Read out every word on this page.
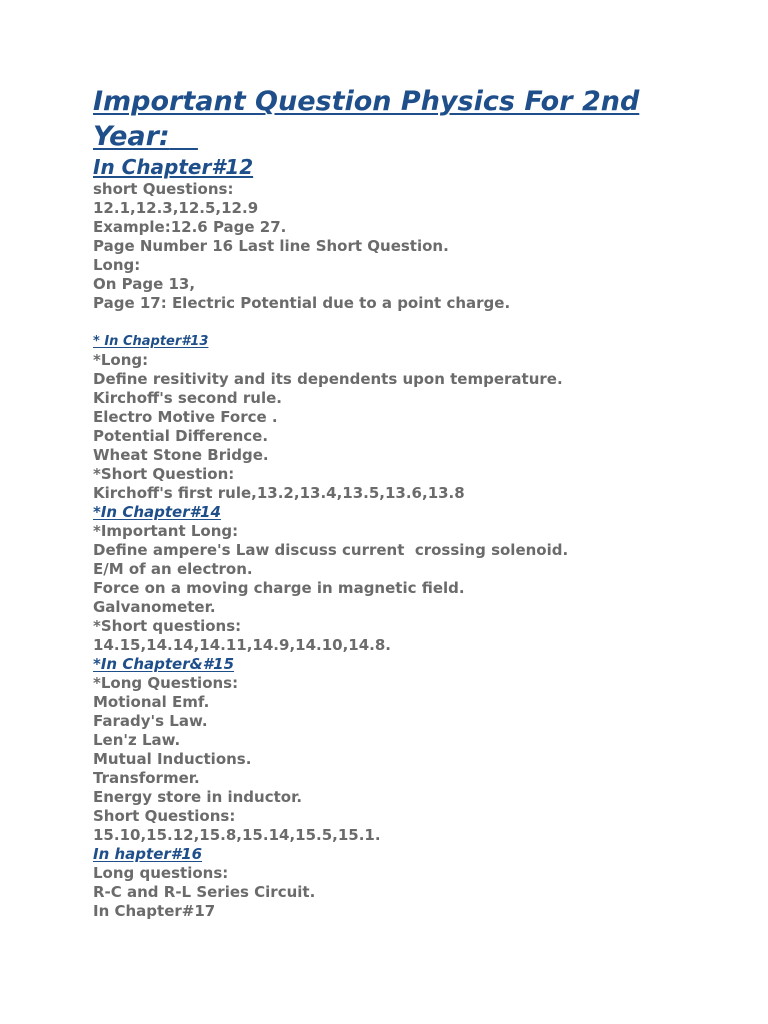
Important Question Physics For 2nd
Year:
In Chapter#12
short Questions:
12.1,12.3,12.5,12.9
Example:12.6 Page 27.
Page Number 16 Last line Short Question.
Long:
On Page 13,
Page 17: Electric Potential due to a point charge.
* In Chapter#13
*Long:
Define resitivity and its dependents upon temperature.
Kirchoff's second rule.
Electro Motive Force .
Potential Difference.
Wheat Stone Bridge.
*Short Question:
Kirchoff's first rule,13.2,13.4,13.5,13.6,13.8
*In Chapter#14
*Important Long:
Define ampere's Law discuss current  crossing solenoid.
E/M of an electron.
Force on a moving charge in magnetic field.
Galvanometer.
*Short questions:
14.15,14.14,14.11,14.9,14.10,14.8.
*In Chapter&#15
*Long Questions:
Motional Emf.
Farady's Law.
Len'z Law.
Mutual Inductions.
Transformer.
Energy store in inductor.
Short Questions:
15.10,15.12,15.8,15.14,15.5,15.1.
In hapter#16
Long questions:
R-C and R-L Series Circuit.
In Chapter#17
